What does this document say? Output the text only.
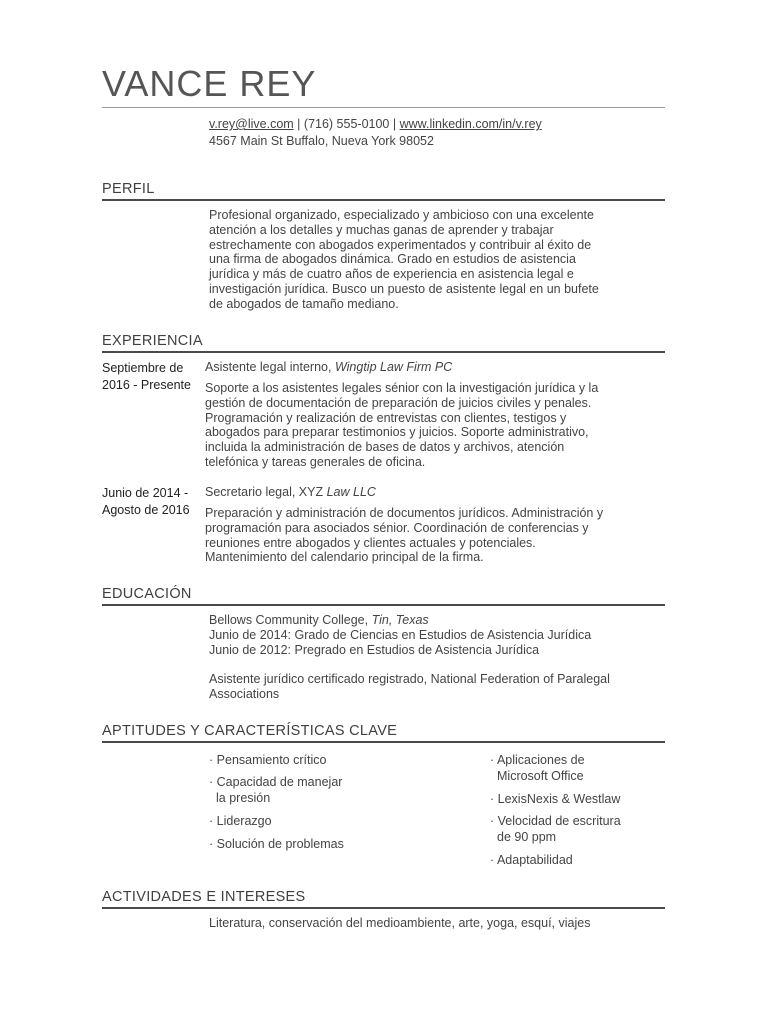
VANCE REY
v.rey@live.com | (716) 555-0100 | www.linkedin.com/in/v.rey
4567 Main St Buffalo, Nueva York 98052
PERFIL
Profesional organizado, especializado y ambicioso con una excelente
atención a los detalles y muchas ganas de aprender y trabajar
estrechamente con abogados experimentados y contribuir al éxito de
una firma de abogados dinámica. Grado en estudios de asistencia
jurídica y más de cuatro años de experiencia en asistencia legal e
investigación jurídica. Busco un puesto de asistente legal en un bufete
de abogados de tamaño mediano.
EXPERIENCIA
Septiembre de
2016 - Presente
Asistente legal interno, Wingtip Law Firm PC
Soporte a los asistentes legales sénior con la investigación jurídica y la
gestión de documentación de preparación de juicios civiles y penales.
Programación y realización de entrevistas con clientes, testigos y
abogados para preparar testimonios y juicios. Soporte administrativo,
incluida la administración de bases de datos y archivos, atención
telefónica y tareas generales de oficina.
Junio de 2014 -
Agosto de 2016
Secretario legal, XYZ Law LLC
Preparación y administración de documentos jurídicos. Administración y
programación para asociados sénior. Coordinación de conferencias y
reuniones entre abogados y clientes actuales y potenciales.
Mantenimiento del calendario principal de la firma.
EDUCACIÓN
Bellows Community College, Tin, Texas
Junio de 2014: Grado de Ciencias en Estudios de Asistencia Jurídica
Junio de 2012: Pregrado en Estudios de Asistencia Jurídica
Asistente jurídico certificado registrado, National Federation of Paralegal
Associations
APTITUDES Y CARACTERÍSTICAS CLAVE
· Pensamiento crítico
· Capacidad de manejar
la presión
· Liderazgo
· Solución de problemas
· Aplicaciones de
Microsoft Office
· LexisNexis & Westlaw
· Velocidad de escritura
de 90 ppm
· Adaptabilidad
ACTIVIDADES E INTERESES
Literatura, conservación del medioambiente, arte, yoga, esquí, viajes
